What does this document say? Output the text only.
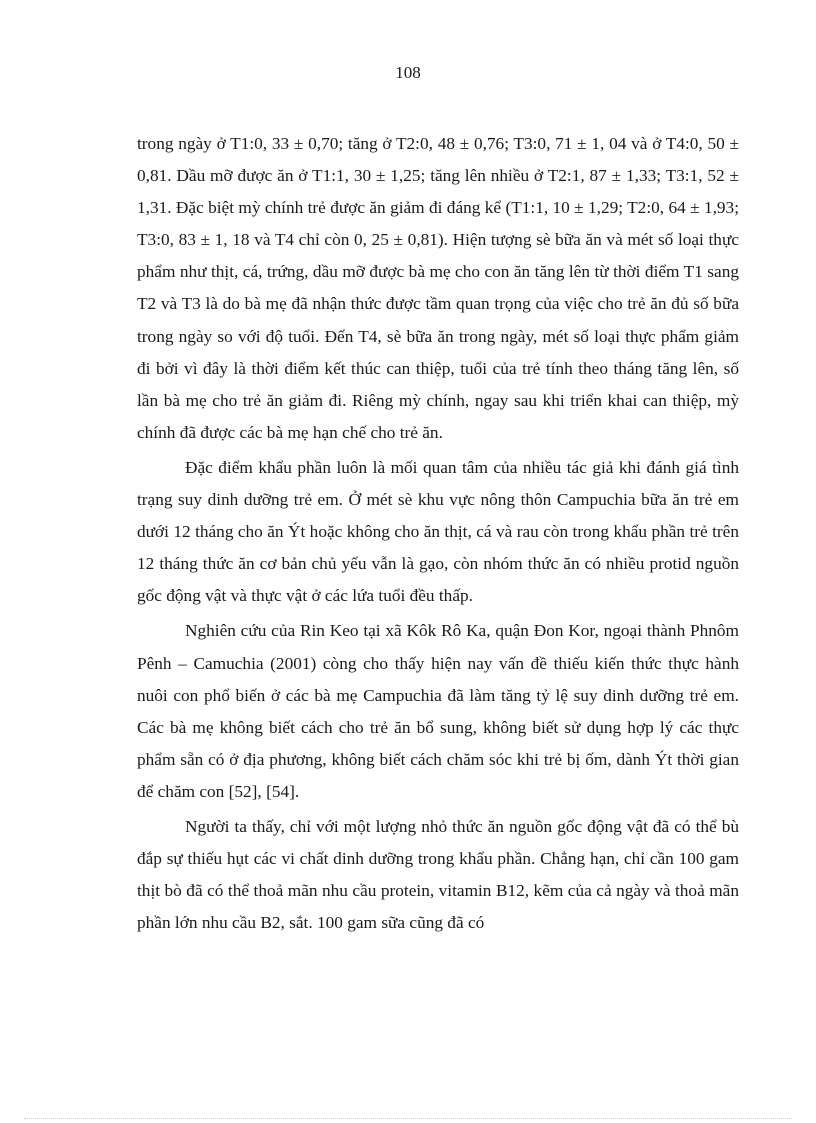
108

trong ngày ở T1:0, 33 ± 0,70; tăng ở T2:0, 48 ± 0,76; T3:0, 71 ± 1, 04 và ở T4:0, 50 ± 0,81. Dầu mỡ được ăn ở T1:1, 30 ± 1,25; tăng lên nhiều ở T2:1, 87 ± 1,33; T3:1, 52 ± 1,31. Đặc biệt mỳ chính trẻ được ăn giảm đi đáng kể (T1:1, 10 ± 1,29; T2:0, 64 ± 1,93; T3:0, 83 ± 1, 18 và T4 chỉ còn 0, 25 ± 0,81). Hiện tượng sè bữa ăn và mét số loại thực phẩm như thịt, cá, trứng, dầu mỡ được bà mẹ cho con ăn tăng lên từ thời điểm T1 sang T2 và T3 là do bà mẹ đã nhận thức được tầm quan trọng của việc cho trẻ ăn đủ số bữa trong ngày so với độ tuổi. Đến T4, sè bữa ăn trong ngày, mét số loại thực phẩm giảm đi bởi vì đây là thời điểm kết thúc can thiệp, tuổi của trẻ tính theo tháng tăng lên, số lần bà mẹ cho trẻ ăn giảm đi. Riêng mỳ chính, ngay sau khi triển khai can thiệp, mỳ chính đã được các bà mẹ hạn chế cho trẻ ăn.

Đặc điểm khẩu phần luôn là mối quan tâm của nhiều tác giả khi đánh giá tình trạng suy dinh dưỡng trẻ em. Ở mét sè khu vực nông thôn Campuchia bữa ăn trẻ em dưới 12 tháng cho ăn Ýt hoặc không cho ăn thịt, cá và rau còn trong khẩu phần trẻ trên 12 tháng thức ăn cơ bản chủ yếu vẫn là gạo, còn nhóm thức ăn có nhiều protid nguồn gốc động vật và thực vật ở các lứa tuổi đều thấp.

Nghiên cứu của Rin Keo tại xã Kôk Rô Ka, quận Đon Kor, ngoại thành Phnôm Pênh – Camuchia (2001) còng cho thấy hiện nay vấn đề thiếu kiến thức thực hành nuôi con phổ biến ở các bà mẹ Campuchia đã làm tăng tỷ lệ suy dinh dưỡng trẻ em. Các bà mẹ không biết cách cho trẻ ăn bổ sung, không biết sử dụng hợp lý các thực phẩm sẵn có ở địa phương, không biết cách chăm sóc khi trẻ bị ốm, dành Ýt thời gian để chăm con [52], [54].

Người ta thấy, chỉ với một lượng nhỏ thức ăn nguồn gốc động vật đã có thể bù đắp sự thiếu hụt các vi chất dinh dưỡng trong khẩu phần. Chẳng hạn, chỉ cần 100 gam thịt bò đã có thể thoả mãn nhu cầu protein, vitamin B12, kẽm của cả ngày và thoả mãn phần lớn nhu cầu B2, sắt. 100 gam sữa cũng đã có
